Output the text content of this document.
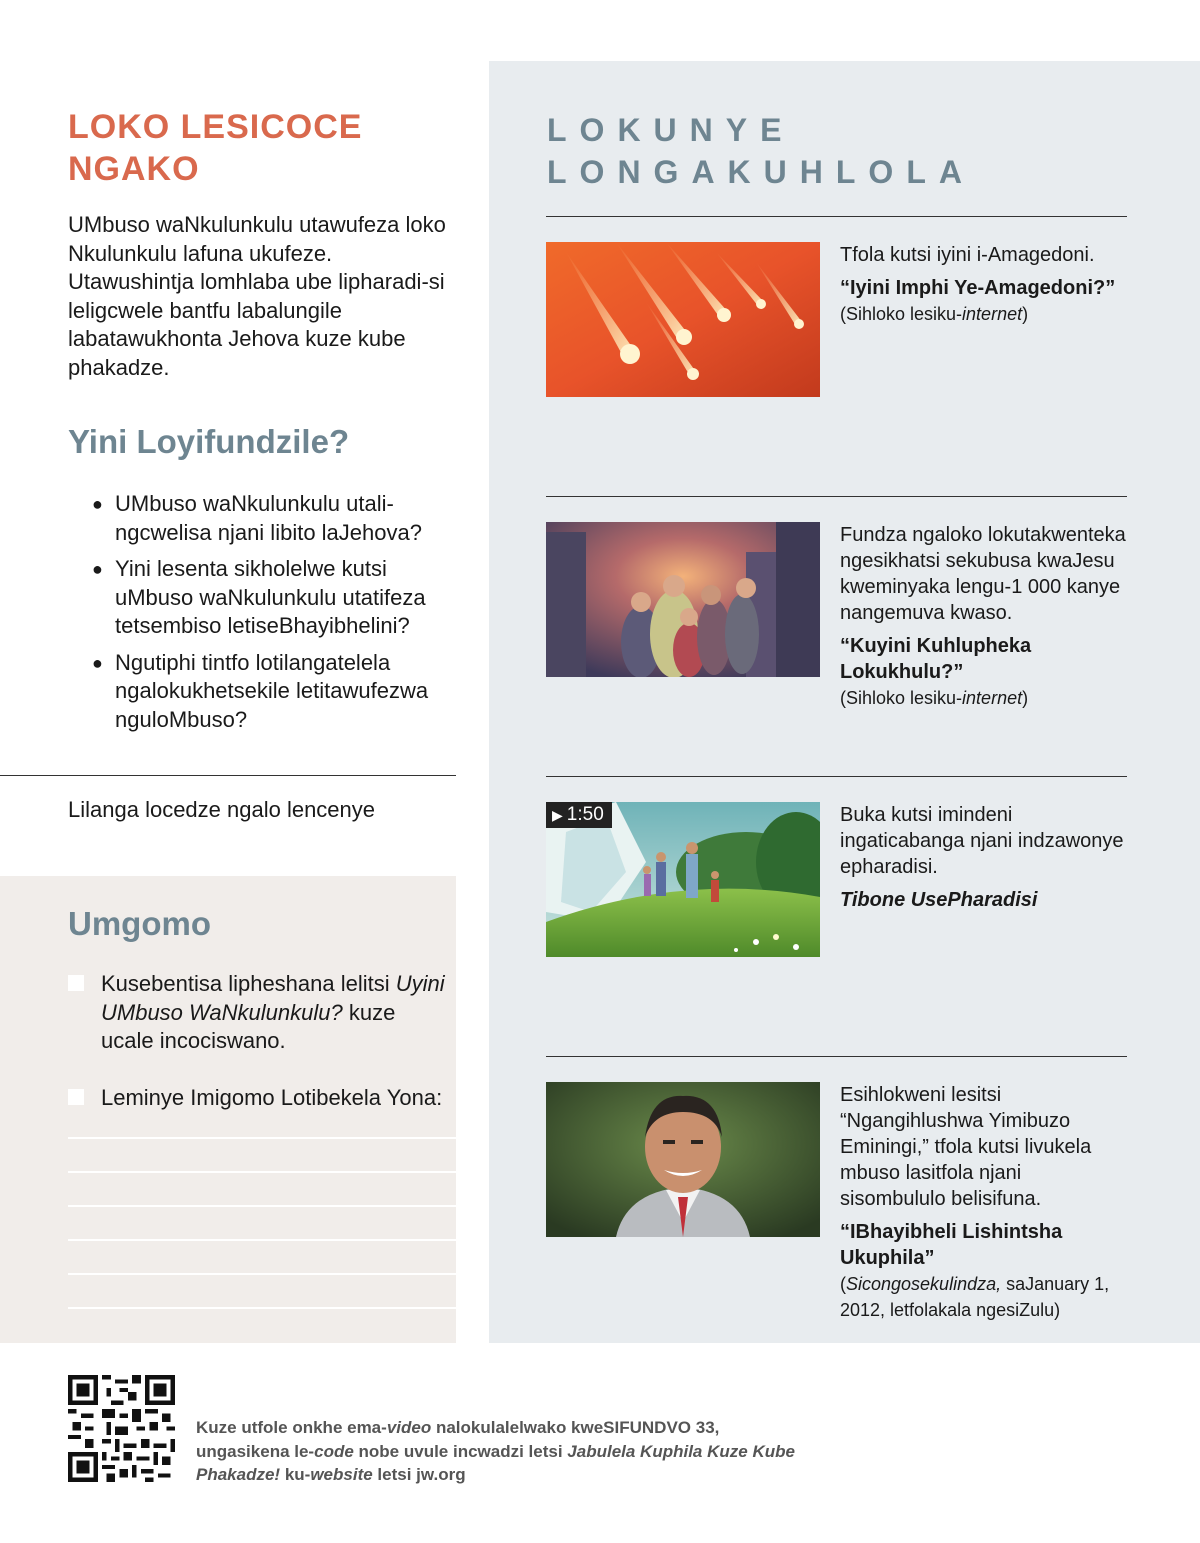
LOKO LESICOCE
NGAKO

UMbuso waNkulunkulu utawufeza loko Nkulunkulu lafuna ukufeze. Utawushintja lomhlaba ube lipharadi-si leligcwele bantfu labalungile labatawukhonta Jehova kuze kube phakadze.

Yini Loyifundzile?
● UMbuso waNkulunkulu utali-ngcwelisa njani libito laJehova?
● Yini lesenta sikholelwe kutsi uMbuso waNkulunkulu utatifeza tetsembiso letiseBhayibhelini?
● Ngutiphi tintfo lotilangatelela ngalokukhetsekile letitawufezwa nguloMbuso?
Lilanga locedze ngalo lencenye
Umgomo
Kusebentisa lipheshana lelitsi Uyini UMbuso WaNkulunkulu? kuze ucale incociswano.
Leminye Imigomo Lotibekela Yona:
LOKUNYE
LONGAKUHLOLA

Tfola kutsi iyini i-Amagedoni.

“Iyini Imphi Ye-Amagedoni?”

(Sihloko lesiku-internet)

Fundza ngaloko lokutakwenteka ngesikhatsi sekubusa kwaJesu kweminyaka lengu-1 000 kanye nangemuva kwaso.

“Kuyini Kuhlupheka Lokukhulu?”

(Sihloko lesiku-internet)

▶ 1:50	Buka kutsi imindeni ingaticabanga njani indzawonye epharadisi.

Tibone UsePharadisi

Esihlokweni lesitsi “Ngangihlushwa Yimibuzo Eminingi,” tfola kutsi livukela mbuso lasitfola njani sisombululo belisifuna.

“IBhayibheli Lishintsha Ukuphila”

(Sicongosekulindza, saJanuary 1, 2012, letfolakala ngesiZulu)

Kuze utfole onkhe ema-video nalokulalelwako kweSIFUNDVO 33, ungasikena le-code nobe uvule incwadzi letsi Jabulela Kuphila Kuze Kube Phakadze! ku-website letsi jw.org
